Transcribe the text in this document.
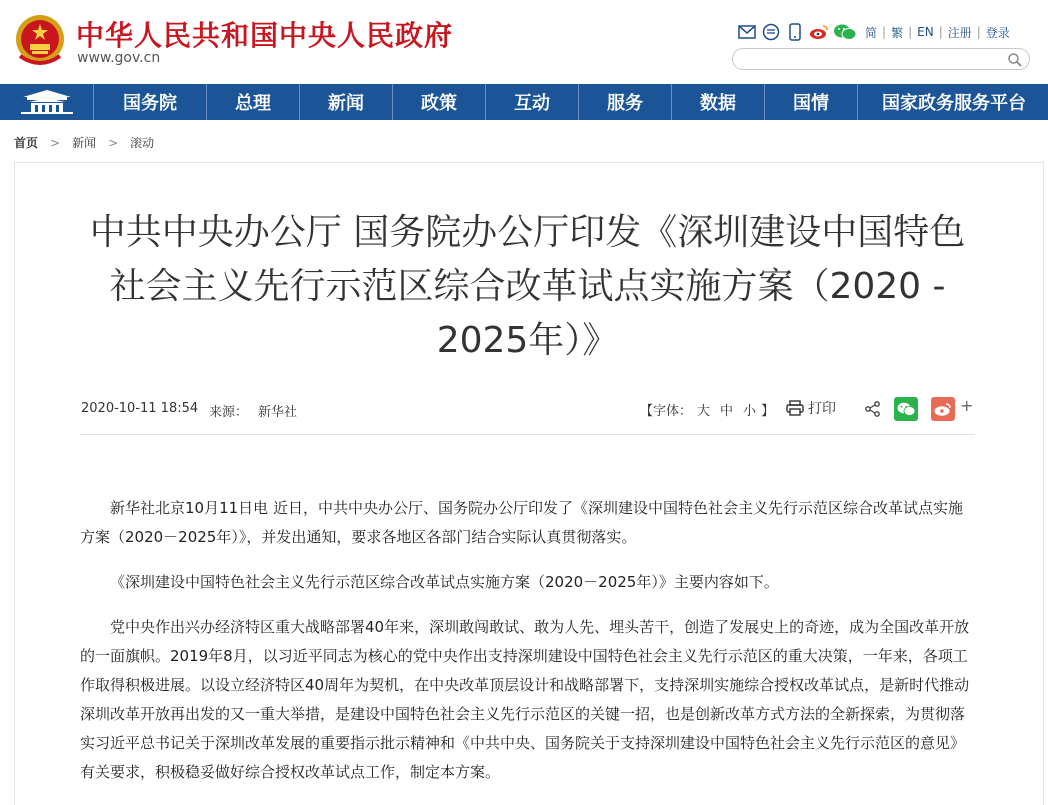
中华人民共和国中央人民政府
www.gov.cn
简 | 繁 | EN | 注册 | 登录
国务院	总理	新闻	政策	互动	服务	数据	国情	国家政务服务平台
首页 > 新闻 > 滚动
中共中央办公厅 国务院办公厅印发《深圳建设中国特色社会主义先行示范区综合改革试点实施方案（2020 - 2025年）》
2020-10-11 18:54 来源： 新华社	【字体： 大 中 小 】 打印	+

新华社北京10月11日电 近日，中共中央办公厅、国务院办公厅印发了《深圳建设中国特色社会主义先行示范区综合改革试点实施方案（2020－2025年）》，并发出通知，要求各地区各部门结合实际认真贯彻落实。

《深圳建设中国特色社会主义先行示范区综合改革试点实施方案（2020－2025年）》主要内容如下。

党中央作出兴办经济特区重大战略部署40年来，深圳敢闯敢试、敢为人先、埋头苦干，创造了发展史上的奇迹，成为全国改革开放的一面旗帜。2019年8月，以习近平同志为核心的党中央作出支持深圳建设中国特色社会主义先行示范区的重大决策，一年来，各项工作取得积极进展。以设立经济特区40周年为契机，在中央改革顶层设计和战略部署下，支持深圳实施综合授权改革试点，是新时代推动深圳改革开放再出发的又一重大举措，是建设中国特色社会主义先行示范区的关键一招，也是创新改革方式方法的全新探索，为贯彻落实习近平总书记关于深圳改革发展的重要指示批示精神和《中共中央、国务院关于支持深圳建设中国特色社会主义先行示范区的意见》有关要求，积极稳妥做好综合授权改革试点工作，制定本方案。
